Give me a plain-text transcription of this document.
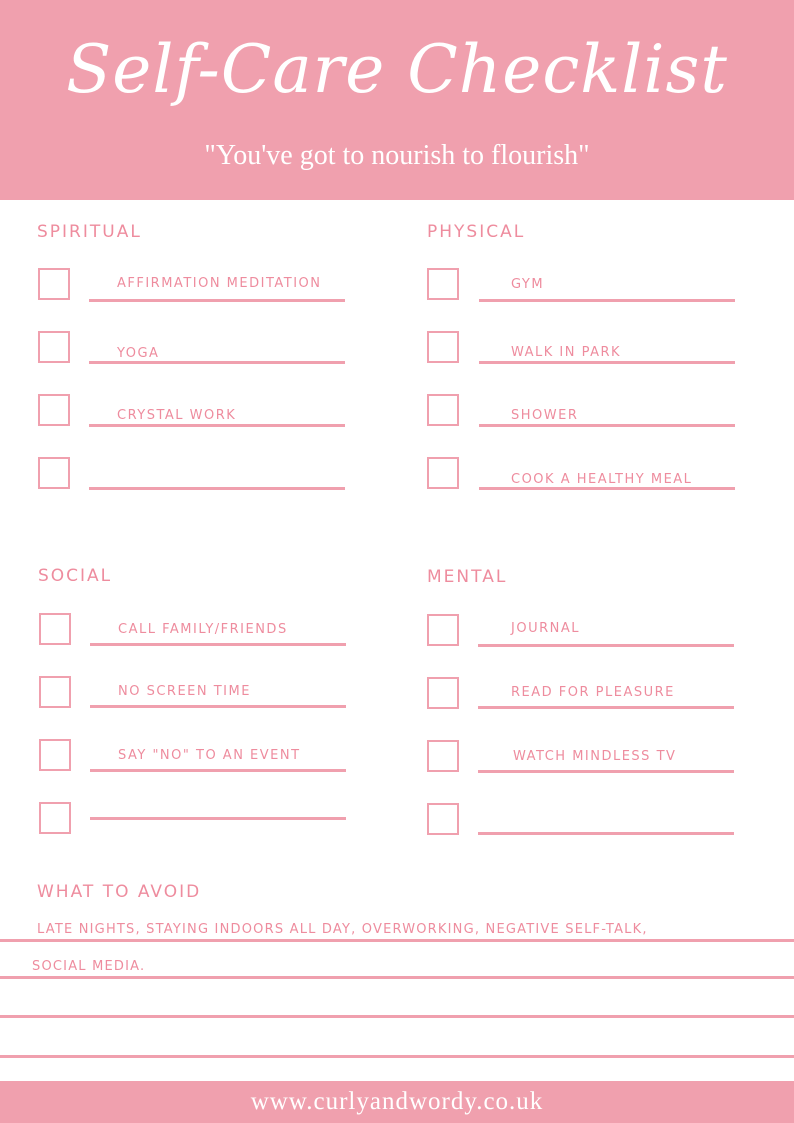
Self-Care Checklist
"You've got to nourish to flourish"
SPIRITUAL
AFFIRMATION MEDITATION
YOGA
CRYSTAL WORK
PHYSICAL
GYM
WALK IN PARK
SHOWER
COOK A HEALTHY MEAL
SOCIAL
CALL FAMILY/FRIENDS
NO SCREEN TIME
SAY "NO" TO AN EVENT
MENTAL
JOURNAL
READ FOR PLEASURE
WATCH MINDLESS TV
WHAT TO AVOID
LATE NIGHTS, STAYING INDOORS ALL DAY, OVERWORKING, NEGATIVE SELF-TALK,
SOCIAL MEDIA.
www.curlyandwordy.co.uk
